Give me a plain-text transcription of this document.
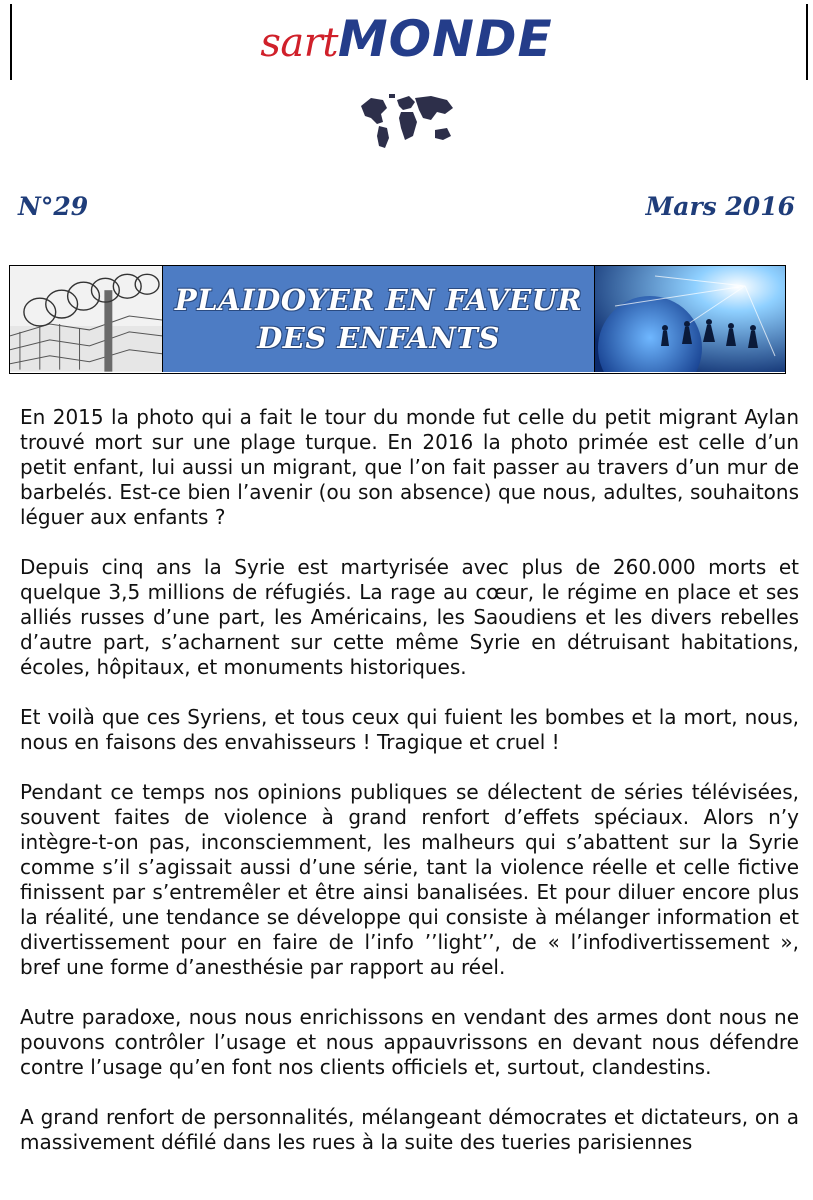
sartMONDE
N°29	Mars 2016
PLAIDOYER EN FAVEUR
DES ENFANTS

En 2015 la photo qui a fait le tour du monde fut celle du petit migrant Aylan trouvé mort sur une plage turque. En 2016 la photo primée est celle d’un petit enfant, lui aussi un migrant, que l’on fait passer au travers d’un mur de barbelés. Est-ce bien l’avenir (ou son absence) que nous, adultes, souhaitons léguer aux enfants ?

Depuis cinq ans la Syrie est martyrisée avec plus de 260.000 morts et quelque 3,5 millions de réfugiés. La rage au cœur, le régime en place et ses alliés russes d’une part, les Américains, les Saoudiens et les divers rebelles d’autre part, s’acharnent sur cette même Syrie en détruisant habitations, écoles, hôpitaux, et monuments historiques.

Et voilà que ces Syriens, et tous ceux qui fuient les bombes et la mort, nous, nous en faisons des envahisseurs ! Tragique et cruel !

Pendant ce temps nos opinions publiques se délectent de séries télévisées, souvent faites de violence à grand renfort d’effets spéciaux. Alors n’y intègre-t-on pas, inconsciemment, les malheurs qui s’abattent sur la Syrie comme s’il s’agissait aussi d’une série, tant la violence réelle et celle fictive finissent par s’entremêler et être ainsi banalisées. Et pour diluer encore plus la réalité, une tendance se développe qui consiste à mélanger information et divertissement pour en faire de l’info ’’light’’, de « l’infodivertissement », bref une forme d’anesthésie par rapport au réel.

Autre paradoxe, nous nous enrichissons en vendant des armes dont nous ne pouvons contrôler l’usage et nous appauvrissons en devant nous défendre contre l’usage qu’en font nos clients officiels et, surtout, clandestins.

A grand renfort de personnalités, mélangeant démocrates et dictateurs, on a massivement défilé dans les rues à la suite des tueries parisiennes
